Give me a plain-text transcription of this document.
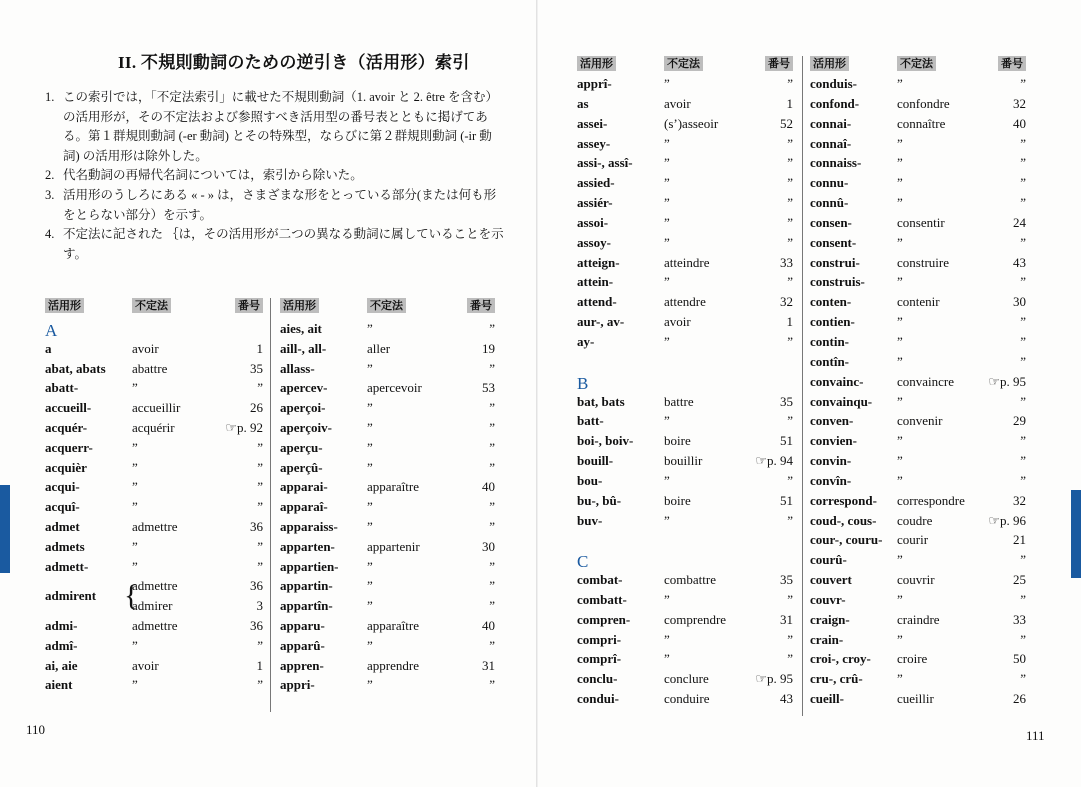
II. 不規則動詞のための逆引き（活用形）索引
1. この索引では，「不定法索引」に載せた不規則動詞（1. avoir と 2. être を含む）の活用形が，その不定法および参照すべき活用型の番号表とともに掲げてある。第１群規則動詞 (-er 動詞) とその特殊型，ならびに第２群規則動詞 (-ir 動詞) の活用形は除外した。
2. 代名動詞の再帰代名詞については，索引から除いた。
3. 活用形のうしろにある « - » は，さまざまな形をとっている部分(または何も形をとらない部分）を示す。
4. 不定法に記された ｛は，その活用形が二つの異なる動詞に属していることを示す。
活用形	不定法	番号
A
a	avoir	1
abat, abats abattre	35
abatt-	”	”
accueill-	accueillir	26
acquér-	acquérir	☞p. 92
acquerr-	”	”
acquièr	”	”
acqui-	”	”
acquî-	”	”
admet	admettre	36
admets	”	”
admett-	”	”
admirent {
admettre	36
admirer	3
admi-	admettre	36
admî-	”	”
ai, aie	avoir	1
aient	”	”
活用形	不定法	番号
aies, ait	”	”
aill-, all-	aller	19
allass-	”	”
apercev-	apercevoir	53
aperçoi-	”	”
aperçoiv-	”	”
aperçu-	”	”
aperçû-	”	”
apparai-	apparaître	40
apparaî-	”	”
apparaiss- ”	”
apparten- appartenir	30
appartien- ”	”
appartin-	”	”
appartîn-	”	”
apparu-	apparaître	40
apparû-	”	”
appren-	apprendre	31
appri-	”	”
110
活用形	不定法	番号
apprî-	”	”
as	avoir	1
assei-	(s’)asseoir	52
assey-	”	”
assi-, assî- ”	”
assied-	”	”
assiér-	”	”
assoi-	”	”
assoy-	”	”
atteign-	atteindre	33
attein-	”	”
attend-	attendre	32
aur-, av-	avoir	1
ay-	”	”
B
bat, bats	battre	35
batt-	”	”
boi-, boiv- boire	51
bouill-	bouillir	☞p. 94
bou-	”	”
bu-, bû-	boire	51
buv-	”	”
C
combat-	combattre	35
combatt-	”	”
compren-	comprendre	31
compri-	”	”
comprî-	”	”
conclu-	conclure	☞p. 95
condui-	conduire	43
活用形	不定法	番号
conduis-	”	”
confond-	confondre	32
connai-	connaître	40
connaî-	”	”
connaiss-	”	”
connu-	”	”
connû-	”	”
consen-	consentir	24
consent-	”	”
construi-	construire	43
construis- ”	”
conten-	contenir	30
contien-	”	”
contin-	”	”
contîn-	”	”
convainc-	convaincre	☞p. 95
convainqu- ”	”
conven-	convenir	29
convien-	”	”
convin-	”	”
convîn-	”	”
correspond- correspondre	32
coud-, cous- coudre	☞p. 96
cour-, couru- courir	21
courû-	”	”
couvert	couvrir	25
couvr-	”	”
craign-	craindre	33
crain-	”	”
croi-, croy- croire	50
cru-, crû-	”	”
cueill-	cueillir	26
111
